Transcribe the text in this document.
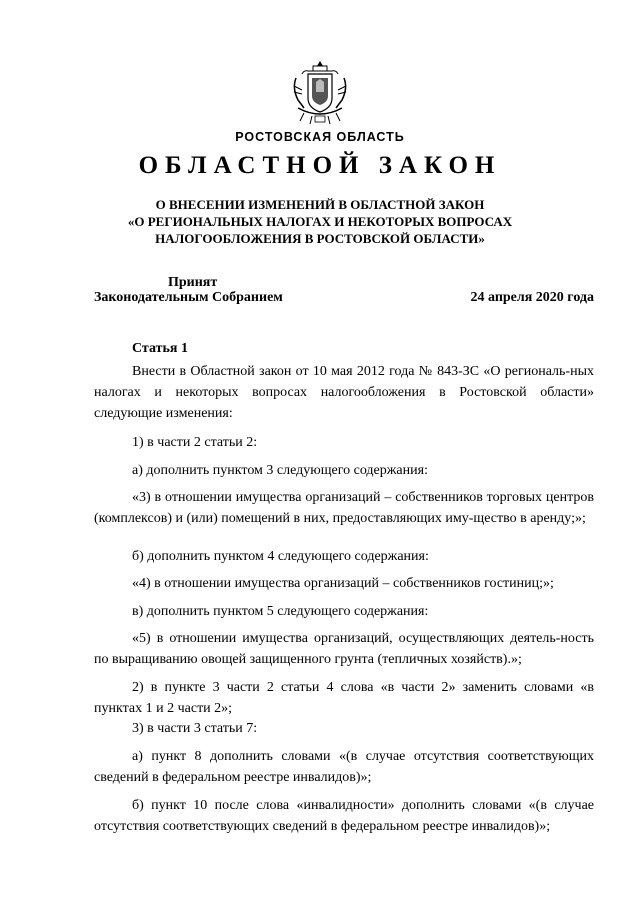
РОСТОВСКАЯ ОБЛАСТЬ
ОБЛАСТНОЙ ЗАКОН
О ВНЕСЕНИИ ИЗМЕНЕНИЙ В ОБЛАСТНОЙ ЗАКОН
«О РЕГИОНАЛЬНЫХ НАЛОГАХ И НЕКОТОРЫХ ВОПРОСАХ
НАЛОГООБЛОЖЕНИЯ В РОСТОВСКОЙ ОБЛАСТИ»
Принят
Законодательным Собранием	24 апреля 2020 года
Статья 1
Внести в Областной закон от 10 мая 2012 года № 843-ЗС «О региональ-ных налогах и некоторых вопросах налогообложения в Ростовской области» следующие изменения:
1) в части 2 статьи 2:
а) дополнить пунктом 3 следующего содержания:
«3) в отношении имущества организаций – собственников торговых центров (комплексов) и (или) помещений в них, предоставляющих иму-щество в аренду;»;
б) дополнить пунктом 4 следующего содержания:
«4) в отношении имущества организаций – собственников гостиниц;»;
в) дополнить пунктом 5 следующего содержания:
«5) в отношении имущества организаций, осуществляющих деятель-ность по выращиванию овощей защищенного грунта (тепличных хозяйств).»;
2) в пункте 3 части 2 статьи 4 слова «в части 2» заменить словами «в пунктах 1 и 2 части 2»;
3) в части 3 статьи 7:
а) пункт 8 дополнить словами «(в случае отсутствия соответствующих сведений в федеральном реестре инвалидов)»;
б) пункт 10 после слова «инвалидности» дополнить словами «(в случае отсутствия соответствующих сведений в федеральном реестре инвалидов)»;
